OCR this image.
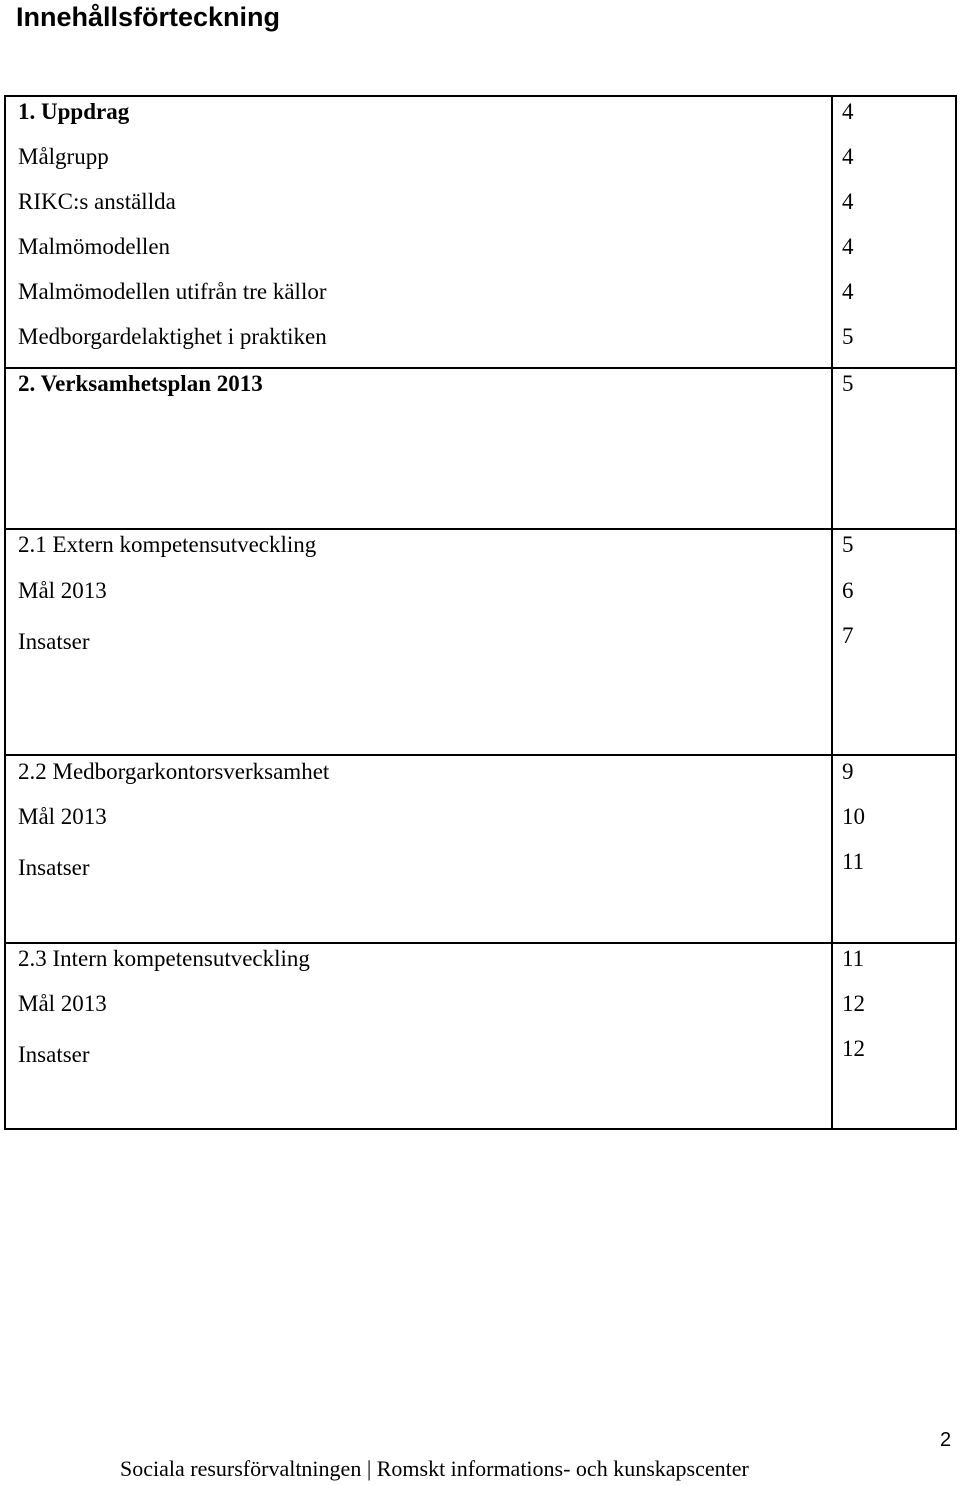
Innehållsförteckning
1. Uppdrag	4
Målgrupp	4
RIKC:s anställda	4
Malmömodellen	4
Malmömodellen utifrån tre källor	4
Medborgardelaktighet i praktiken	5
2. Verksamhetsplan 2013	5
2.1 Extern kompetensutveckling	5
Mål 2013	6
Insatser	7
2.2 Medborgarkontorsverksamhet	9
Mål 2013	10
Insatser	11
2.3 Intern kompetensutveckling	11
Mål 2013	12
Insatser	12
2
Sociala resursförvaltningen | Romskt informations- och kunskapscenter
